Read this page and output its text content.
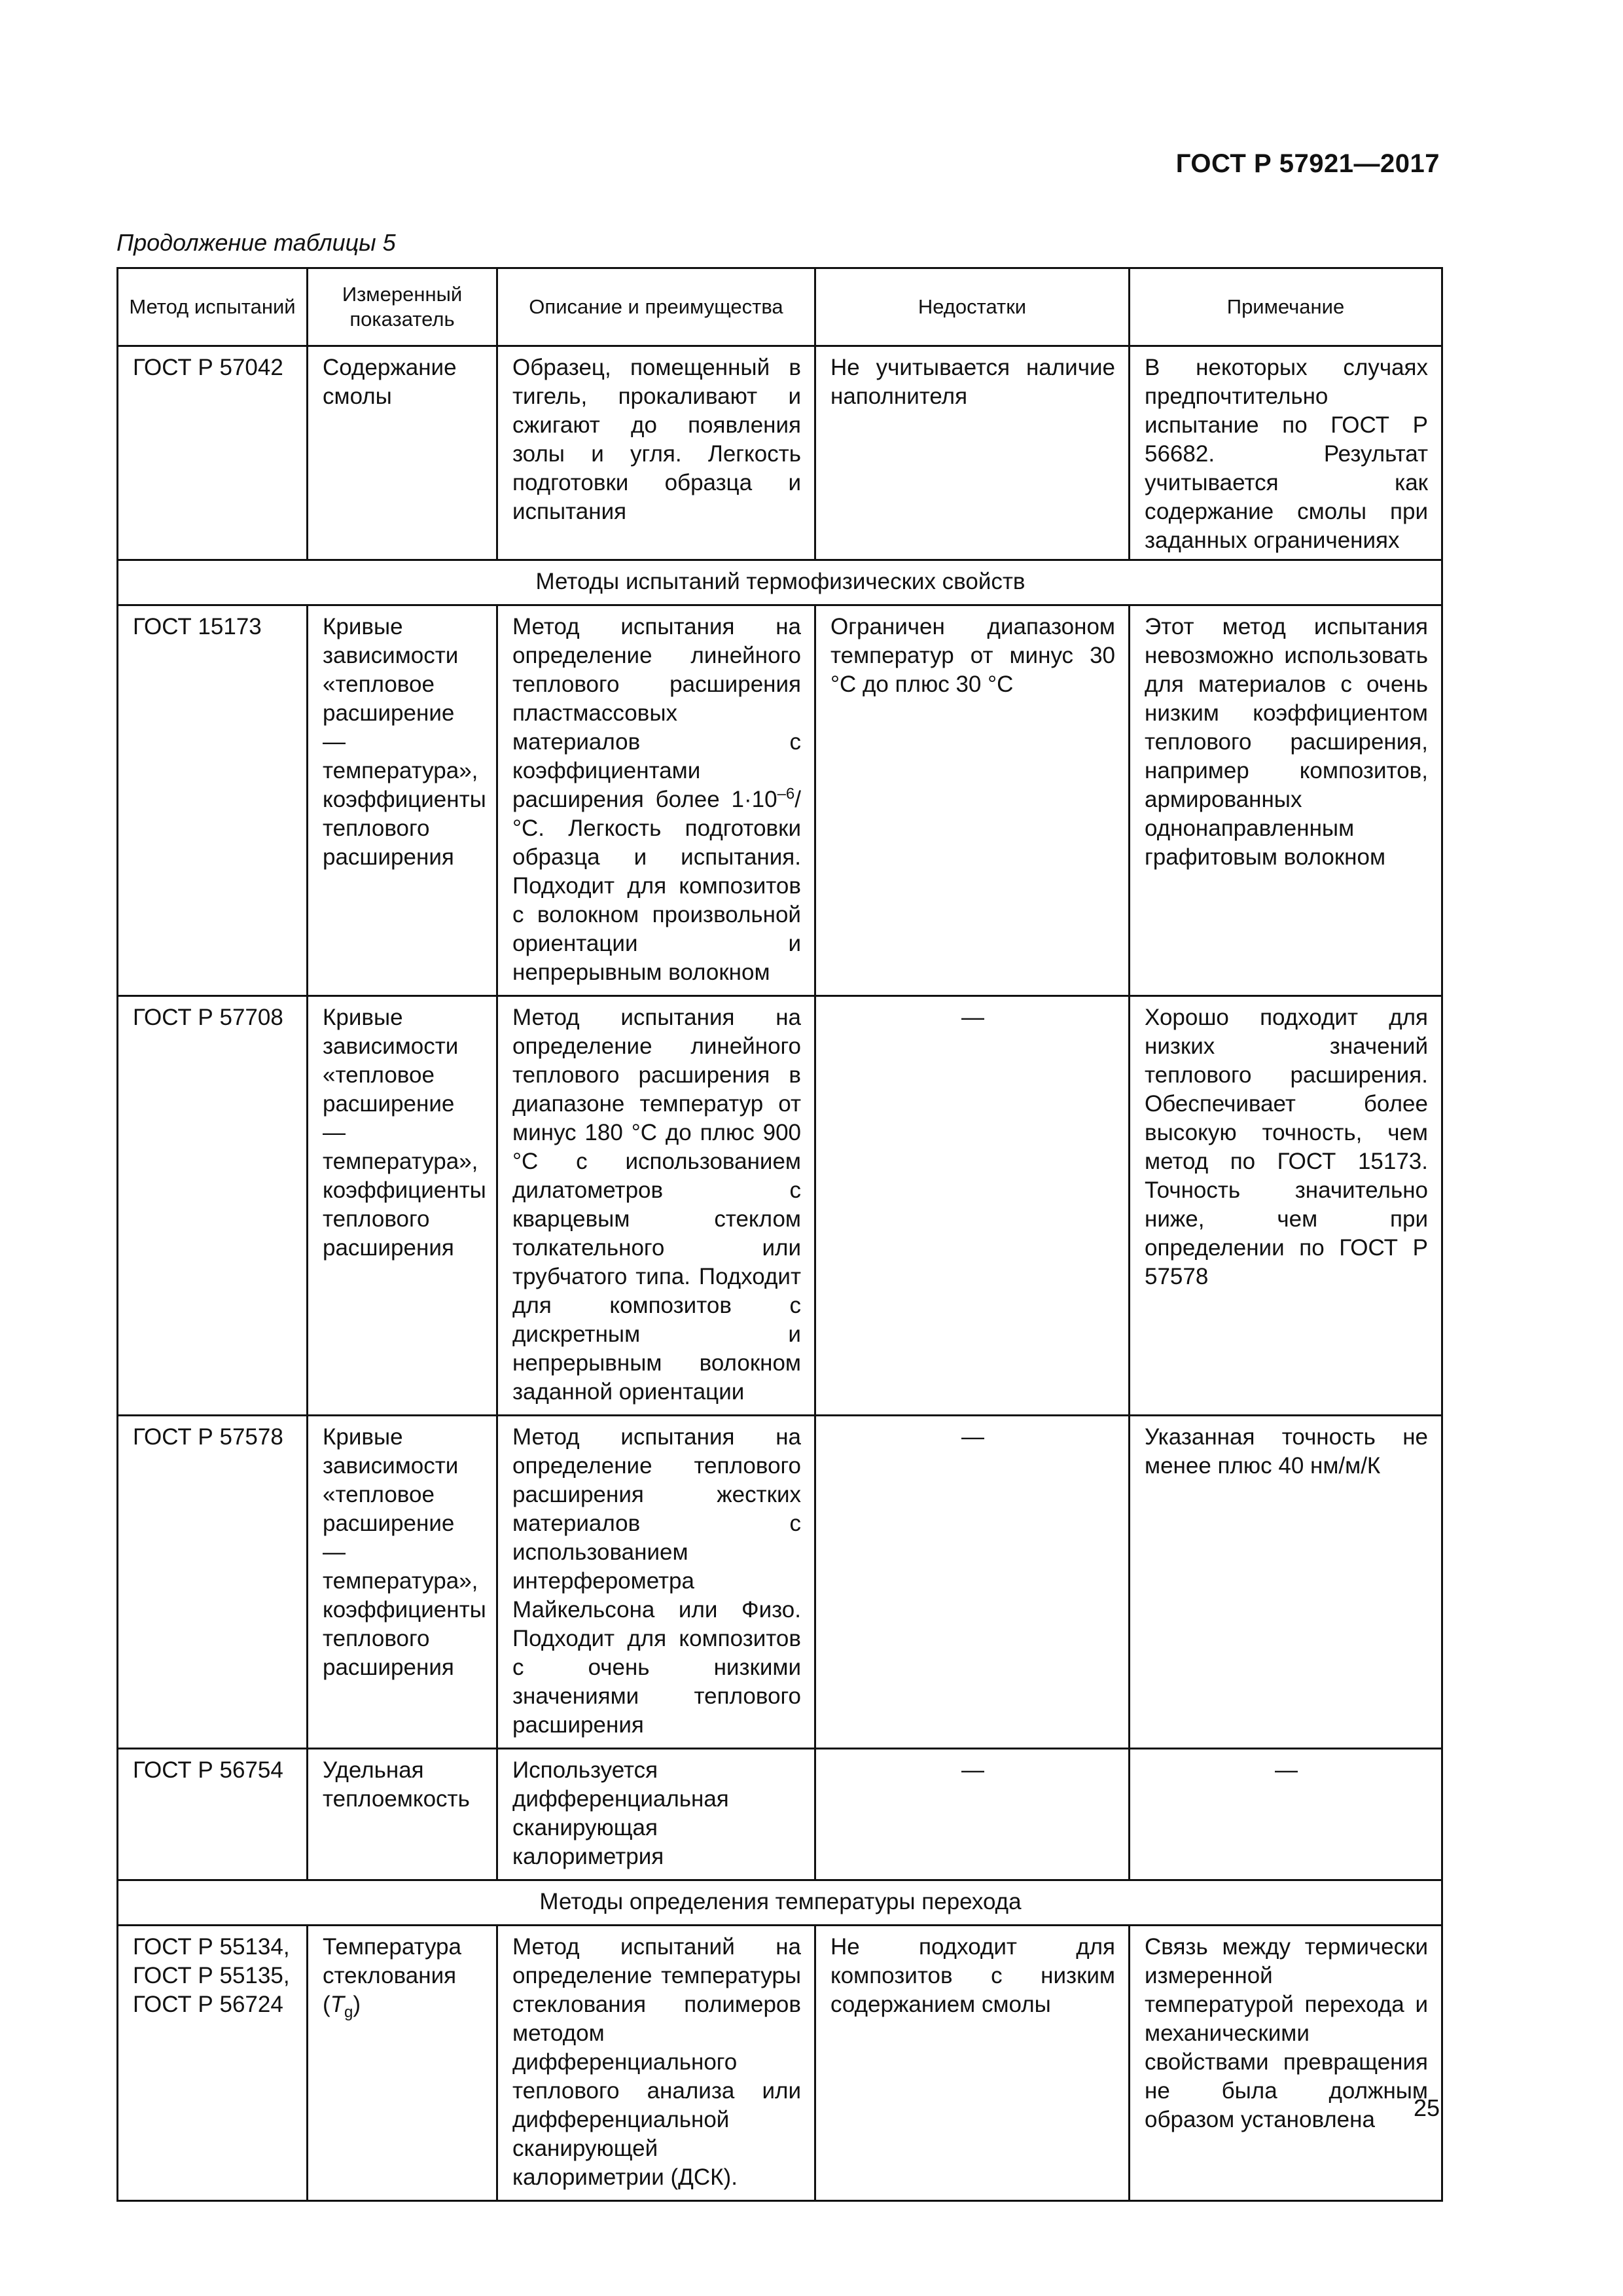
ГОСТ Р 57921—2017
Продолжение таблицы 5
Метод испытаний	Измеренный показатель	Описание и преимущества	Недостатки	Примечание
ГОСТ Р 57042	Содержание смолы	Образец, помещенный в тигель, прокаливают и сжигают до появления золы и угля. Легкость подготовки образца и испытания	Не учитывается наличие наполнителя	В некоторых случаях предпочтительно испытание по ГОСТ Р 56682. Результат учитывается как содержание смолы при заданных ограничениях
Методы испытаний термофизических свойств				
ГОСТ 15173	Кривые зависимости «тепловое расширение — температура», коэффициенты теплового расширения	Метод испытания на определение линейного теплового расширения пластмассовых материалов с коэффициентами расширения более $1\cdot 10^{-6}/^\circ С$. Легкость подготовки образца и испытания. Подходит для композитов с волокном произвольной ориентации и непрерывным волокном	Ограничен диапазоном температур от минус 30 °С до плюс 30 °С	Этот метод испытания невозможно использовать для материалов с очень низким коэффициентом теплового расширения, например композитов, армированных однонаправленным графитовым волокном
ГОСТ Р 57708	Кривые зависимости «тепловое расширение — температура», коэффициенты теплового расширения	Метод испытания на определение линейного теплового расширения в диапазоне температур от минус 180 °С до плюс 900 °С с использованием дилатометров с кварцевым стеклом толкательного или трубчатого типа. Подходит для композитов с дискретным и непрерывным волокном заданной ориентации	—	Хорошо подходит для низких значений теплового расширения. Обеспечивает более высокую точность, чем метод по ГОСТ 15173. Точность значительно ниже, чем при определении по ГОСТ Р 57578
ГОСТ Р 57578	Кривые зависимости «тепловое расширение — температура», коэффициенты теплового расширения	Метод испытания на определение теплового расширения жестких материалов с использованием интерферометра Майкельсона или Физо. Подходит для композитов с очень низкими значениями теплового расширения	—	Указанная точность не менее плюс 40 нм/м/К
ГОСТ Р 56754	Удельная теплоемкость	Используется дифференциальная сканирующая калориметрия	—	—
Методы определения температуры перехода				

ГОСТ Р 55134,
ГОСТ Р 55135,
ГОСТ Р 56724	Температура стеклования $(T_g)$	Метод испытаний на определение температуры стеклования полимеров методом дифференциального теплового анализа или дифференциальной сканирующей калориметрии (ДСК).	Не подходит для композитов с низким содержанием смолы	Связь между термически измеренной температурой перехода и механическими свойствами превращения не была должным образом установлена 25
